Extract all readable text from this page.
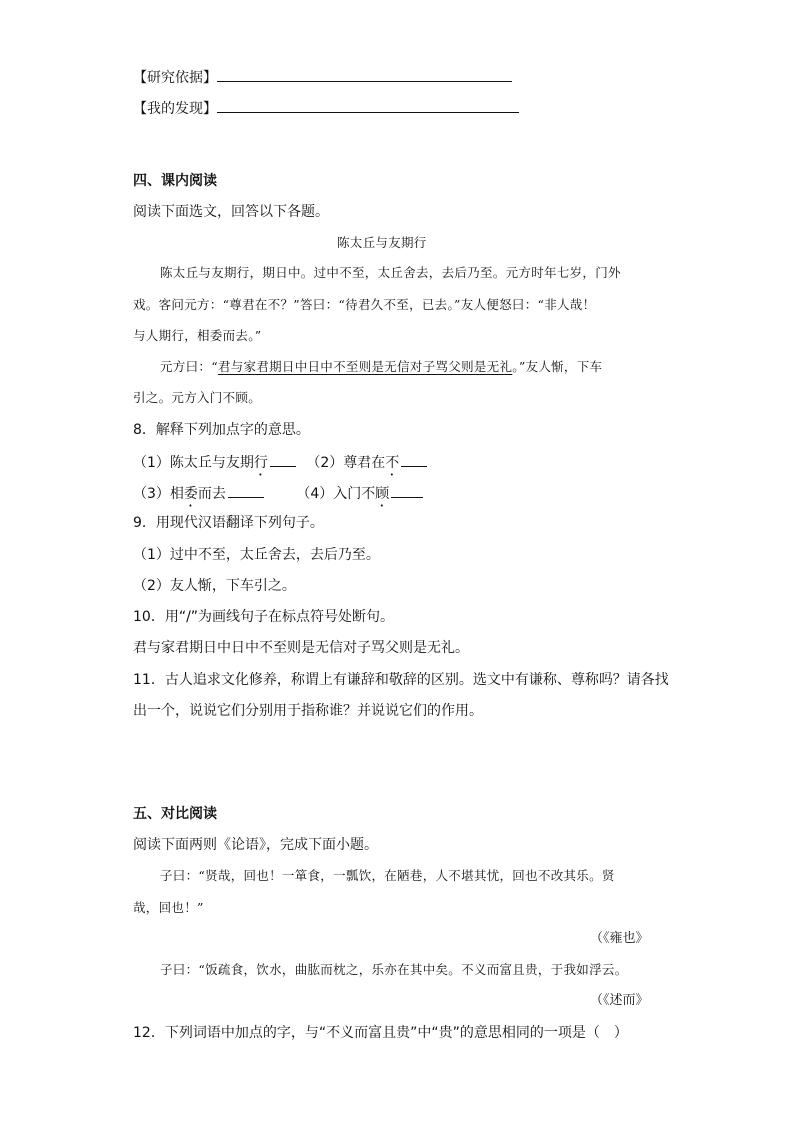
【研究依据】
【我的发现】
四、课内阅读
阅读下面选文，回答以下各题。
陈太丘与友期行
陈太丘与友期行，期日中。过中不至，太丘舍去，去后乃至。元方时年七岁，门外
戏。客问元方：“尊君在不？”答曰：“待君久不至，已去。”友人便怒曰：“非人哉！
与人期行，相委而去。”
元方曰：“君与家君期日中日中不至则是无信对子骂父则是无礼。”友人惭，下车
引之。元方入门不顾。
8．解释下列加点字的意思。
（1）陈太丘与友期行	（2）尊君在不
（3）相委而去	（4）入门不顾
9．用现代汉语翻译下列句子。
（1）过中不至，太丘舍去，去后乃至。
（2）友人惭，下车引之。
10．用“/”为画线句子在标点符号处断句。
君与家君期日中日中不至则是无信对子骂父则是无礼。
11．古人追求文化修养，称谓上有谦辞和敬辞的区别。选文中有谦称、尊称吗？请各找
出一个，说说它们分别用于指称谁？并说说它们的作用。
五、对比阅读
阅读下面两则《论语》，完成下面小题。
子曰：“贤哉，回也！一箪食，一瓢饮，在陋巷，人不堪其忧，回也不改其乐。贤
哉，回也！”
（《雍也》
子曰：“饭疏食，饮水，曲肱而枕之，乐亦在其中矣。不义而富且贵，于我如浮云。
（《述而》
12．下列词语中加点的字，与“不义而富且贵”中“贵”的意思相同的一项是（　）
